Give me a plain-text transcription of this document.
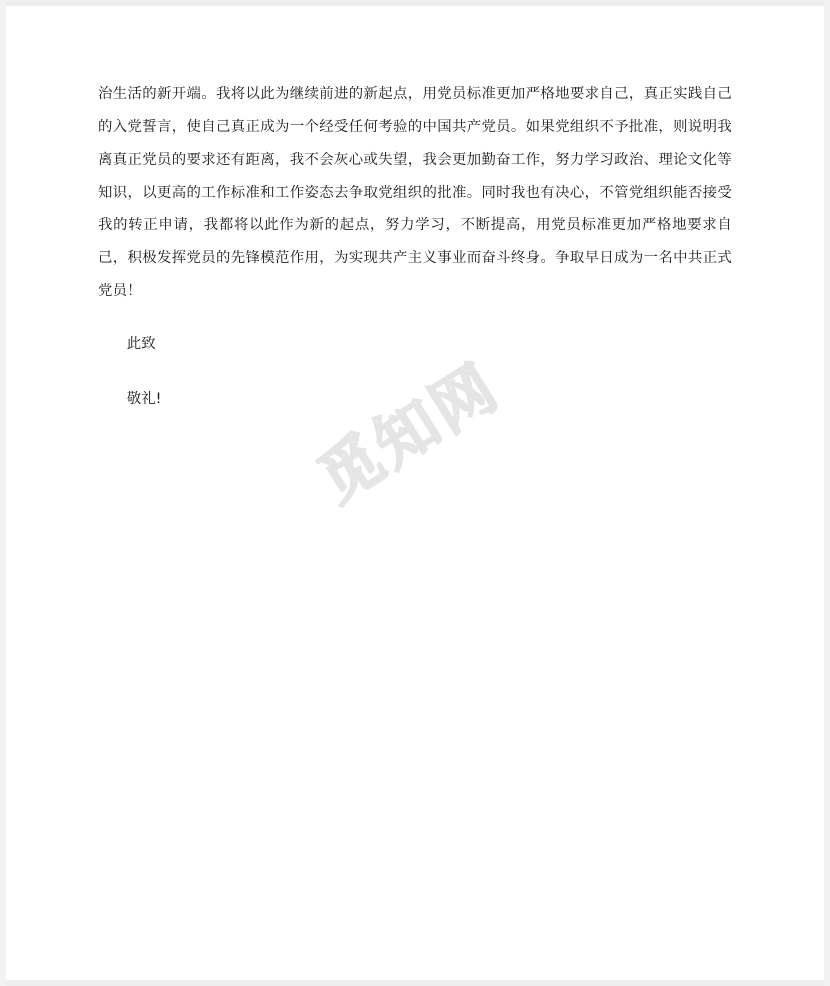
治生活的新开端。我将以此为继续前进的新起点，用党员标准更加严格地要求自己，真正实践自己的入党誓言，使自己真正成为一个经受任何考验的中国共产党员。如果党组织不予批准，则说明我离真正党员的要求还有距离，我不会灰心或失望，我会更加勤奋工作，努力学习政治、理论文化等知识，以更高的工作标准和工作姿态去争取党组织的批准。同时我也有决心，不管党组织能否接受我的转正申请，我都将以此作为新的起点，努力学习，不断提高，用党员标准更加严格地要求自己，积极发挥党员的先锋模范作用，为实现共产主义事业而奋斗终身。争取早日成为一名中共正式党员！

此致
敬礼!	觅知网
